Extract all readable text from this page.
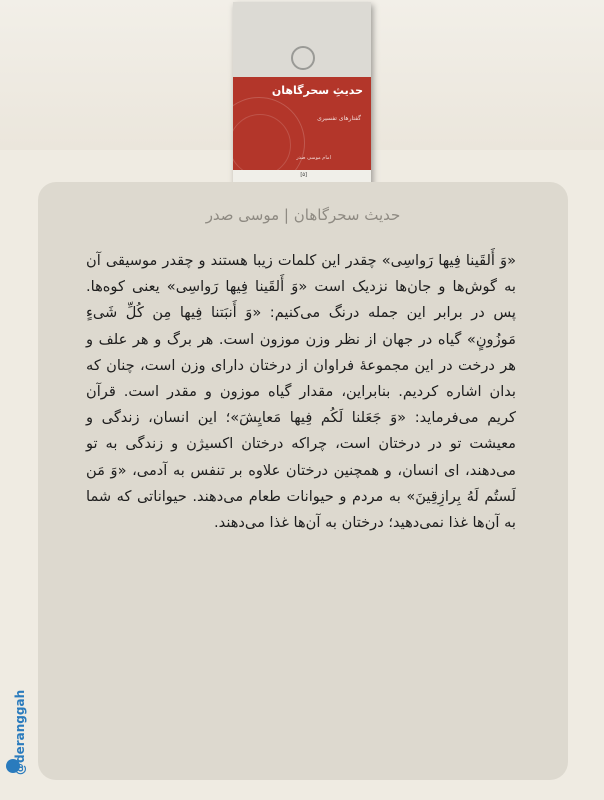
حدیثِ سحرگاهان
گفتارهای تفسیری
امام موسی صدر
[۵]
حدیث سحرگاهان | موسی صدر
«وَ أَلقَینا فِیها رَواسِی» چقدر این کلمات زیبا هستند و چقدر موسیقی آن به گوش‌ها و جان‌ها نزدیک است «وَ أَلقَینا فِیها رَواسِی» یعنی کوه‌ها. پس در برابر این جمله درنگ می‌کنیم: «وَ أَنبَتنا فِیها مِن کُلِّ شَیءٍ مَوزُونٍ» گیاه در جهان از نظر وزن موزون است. هر برگ و هر علف و هر درخت در این مجموعهٔ فراوان از درختان دارای وزن است، چنان که بدان اشاره کردیم. بنابراین، مقدار گیاه موزون و مقدر است. قرآن کریم می‌فرماید: «وَ جَعَلنا لَکُم فِیها مَعایِشَ»؛ این انسان، زندگی و معیشت تو در درختان است، چراکه درختان اکسیژن و زندگی به تو می‌دهند، ای انسان، و همچنین درختان علاوه بر تنفس به آدمی، «وَ مَن لَستُم لَهُ بِرازِقِینَ» به مردم و حیوانات طعام می‌دهند. حیواناتی که شما به آن‌ها غذا نمی‌دهید؛ درختان به آن‌ها غذا می‌دهند.
@deranggah
